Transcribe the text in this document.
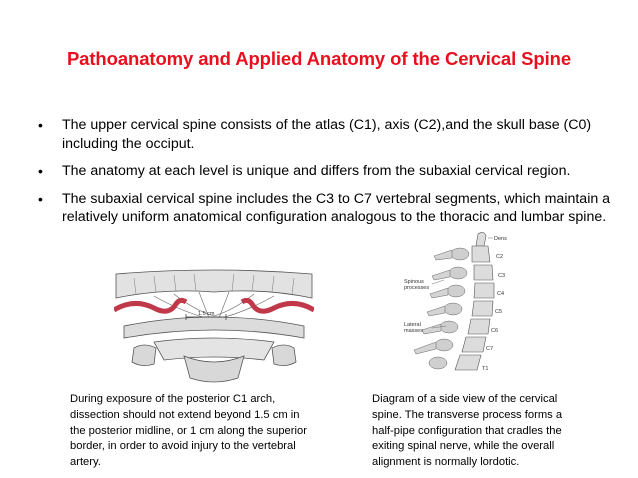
Pathoanatomy and Applied Anatomy of the Cervical Spine
• The upper cervical spine consists of the atlas (C1), axis (C2),and the skull base (C0) including the occiput.
• The anatomy at each level is unique and differs from the subaxial cervical region.
• The subaxial cervical spine includes the C3 to C7 vertebral segments, which maintain a relatively uniform anatomical configuration analogous to the thoracic and lumbar spine.
1.5 cm
Dens
C2
C3
C4
C5
C6
C7
T1
Spinous
processes
Lateral
masses
During exposure of the posterior C1 arch, dissection should not extend beyond 1.5 cm in the posterior midline, or 1 cm along the superior border, in order to avoid injury to the vertebral artery.
Diagram of a side view of the cervical spine. The transverse process forms a half-pipe configuration that cradles the exiting spinal nerve, while the overall alignment is normally lordotic.
